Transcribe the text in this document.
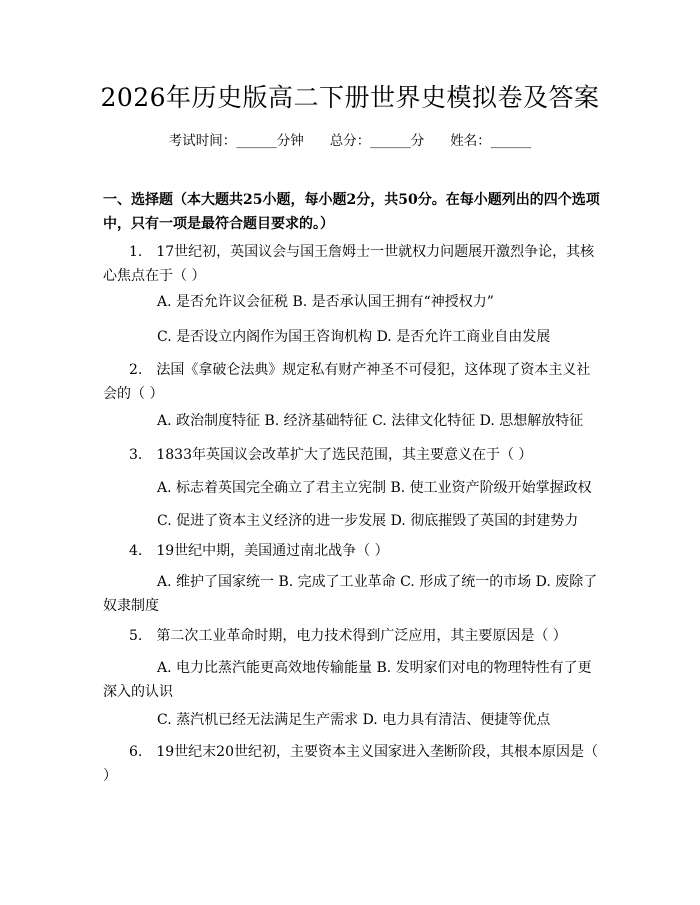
2026年历史版高二下册世界史模拟卷及答案
考试时间：______分钟 总分：______分 姓名：______
一、选择题（本大题共25小题，每小题2分，共50分。在每小题列出的四个选项中，只有一项是最符合题目要求的。）
1.　17世纪初，英国议会与国王詹姆士一世就权力问题展开激烈争论，其核心焦点在于（ ）
A. 是否允许议会征税 B. 是否承认国王拥有“神授权力”
C. 是否设立内阁作为国王咨询机构 D. 是否允许工商业自由发展
2.　法国《拿破仑法典》规定私有财产神圣不可侵犯，这体现了资本主义社会的（ ）
A. 政治制度特征 B. 经济基础特征 C. 法律文化特征 D. 思想解放特征
3.　1833年英国议会改革扩大了选民范围，其主要意义在于（ ）
A. 标志着英国完全确立了君主立宪制 B. 使工业资产阶级开始掌握政权
C. 促进了资本主义经济的进一步发展 D. 彻底摧毁了英国的封建势力
4.　19世纪中期，美国通过南北战争（ ）
A. 维护了国家统一 B. 完成了工业革命 C. 形成了统一的市场 D. 废除了奴隶制度
5.　第二次工业革命时期，电力技术得到广泛应用，其主要原因是（ ）
A. 电力比蒸汽能更高效地传输能量 B. 发明家们对电的物理特性有了更深入的认识
C. 蒸汽机已经无法满足生产需求 D. 电力具有清洁、便捷等优点
6.　19世纪末20世纪初，主要资本主义国家进入垄断阶段，其根本原因是（ ）
